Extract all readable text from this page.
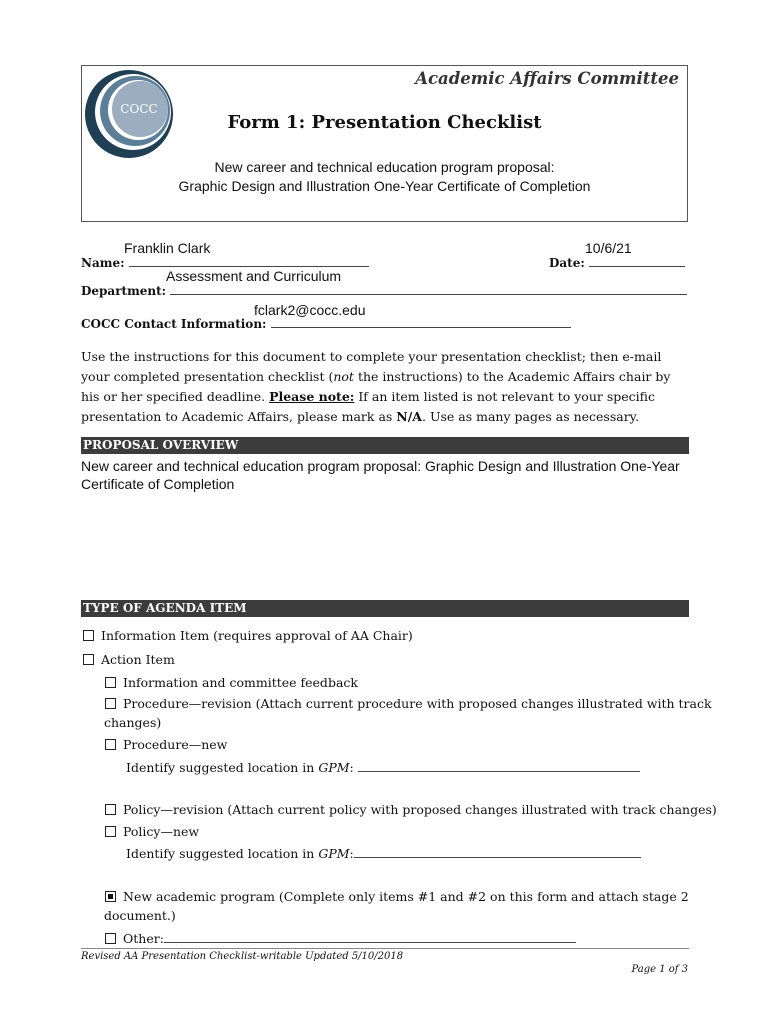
COCC
Academic Affairs Committee
Form 1: Presentation Checklist
New career and technical education program proposal:
Graphic Design and Illustration One-Year Certificate of Completion
Franklin Clark
Name:
10/6/21
Date:
Assessment and Curriculum
Department:
fclark2@cocc.edu
COCC Contact Information:
Use the instructions for this document to complete your presentation checklist; then e-mail your completed presentation checklist (not the instructions) to the Academic Affairs chair by his or her specified deadline. Please note: If an item listed is not relevant to your specific presentation to Academic Affairs, please mark as N/A. Use as many pages as necessary.
PROPOSAL OVERVIEW
New career and technical education program proposal: Graphic Design and Illustration One-Year Certificate of Completion
TYPE OF AGENDA ITEM
Information Item (requires approval of AA Chair)
Action Item
Information and committee feedback
Procedure—revision (Attach current procedure with proposed changes illustrated with track
changes)
Procedure—new
Identify suggested location in GPM:
Policy—revision (Attach current policy with proposed changes illustrated with track changes)
Policy—new
Identify suggested location in GPM:
New academic program (Complete only items #1 and #2 on this form and attach stage 2
document.)
Other:
Revised AA Presentation Checklist-writable Updated 5/10/2018
Page 1 of 3
